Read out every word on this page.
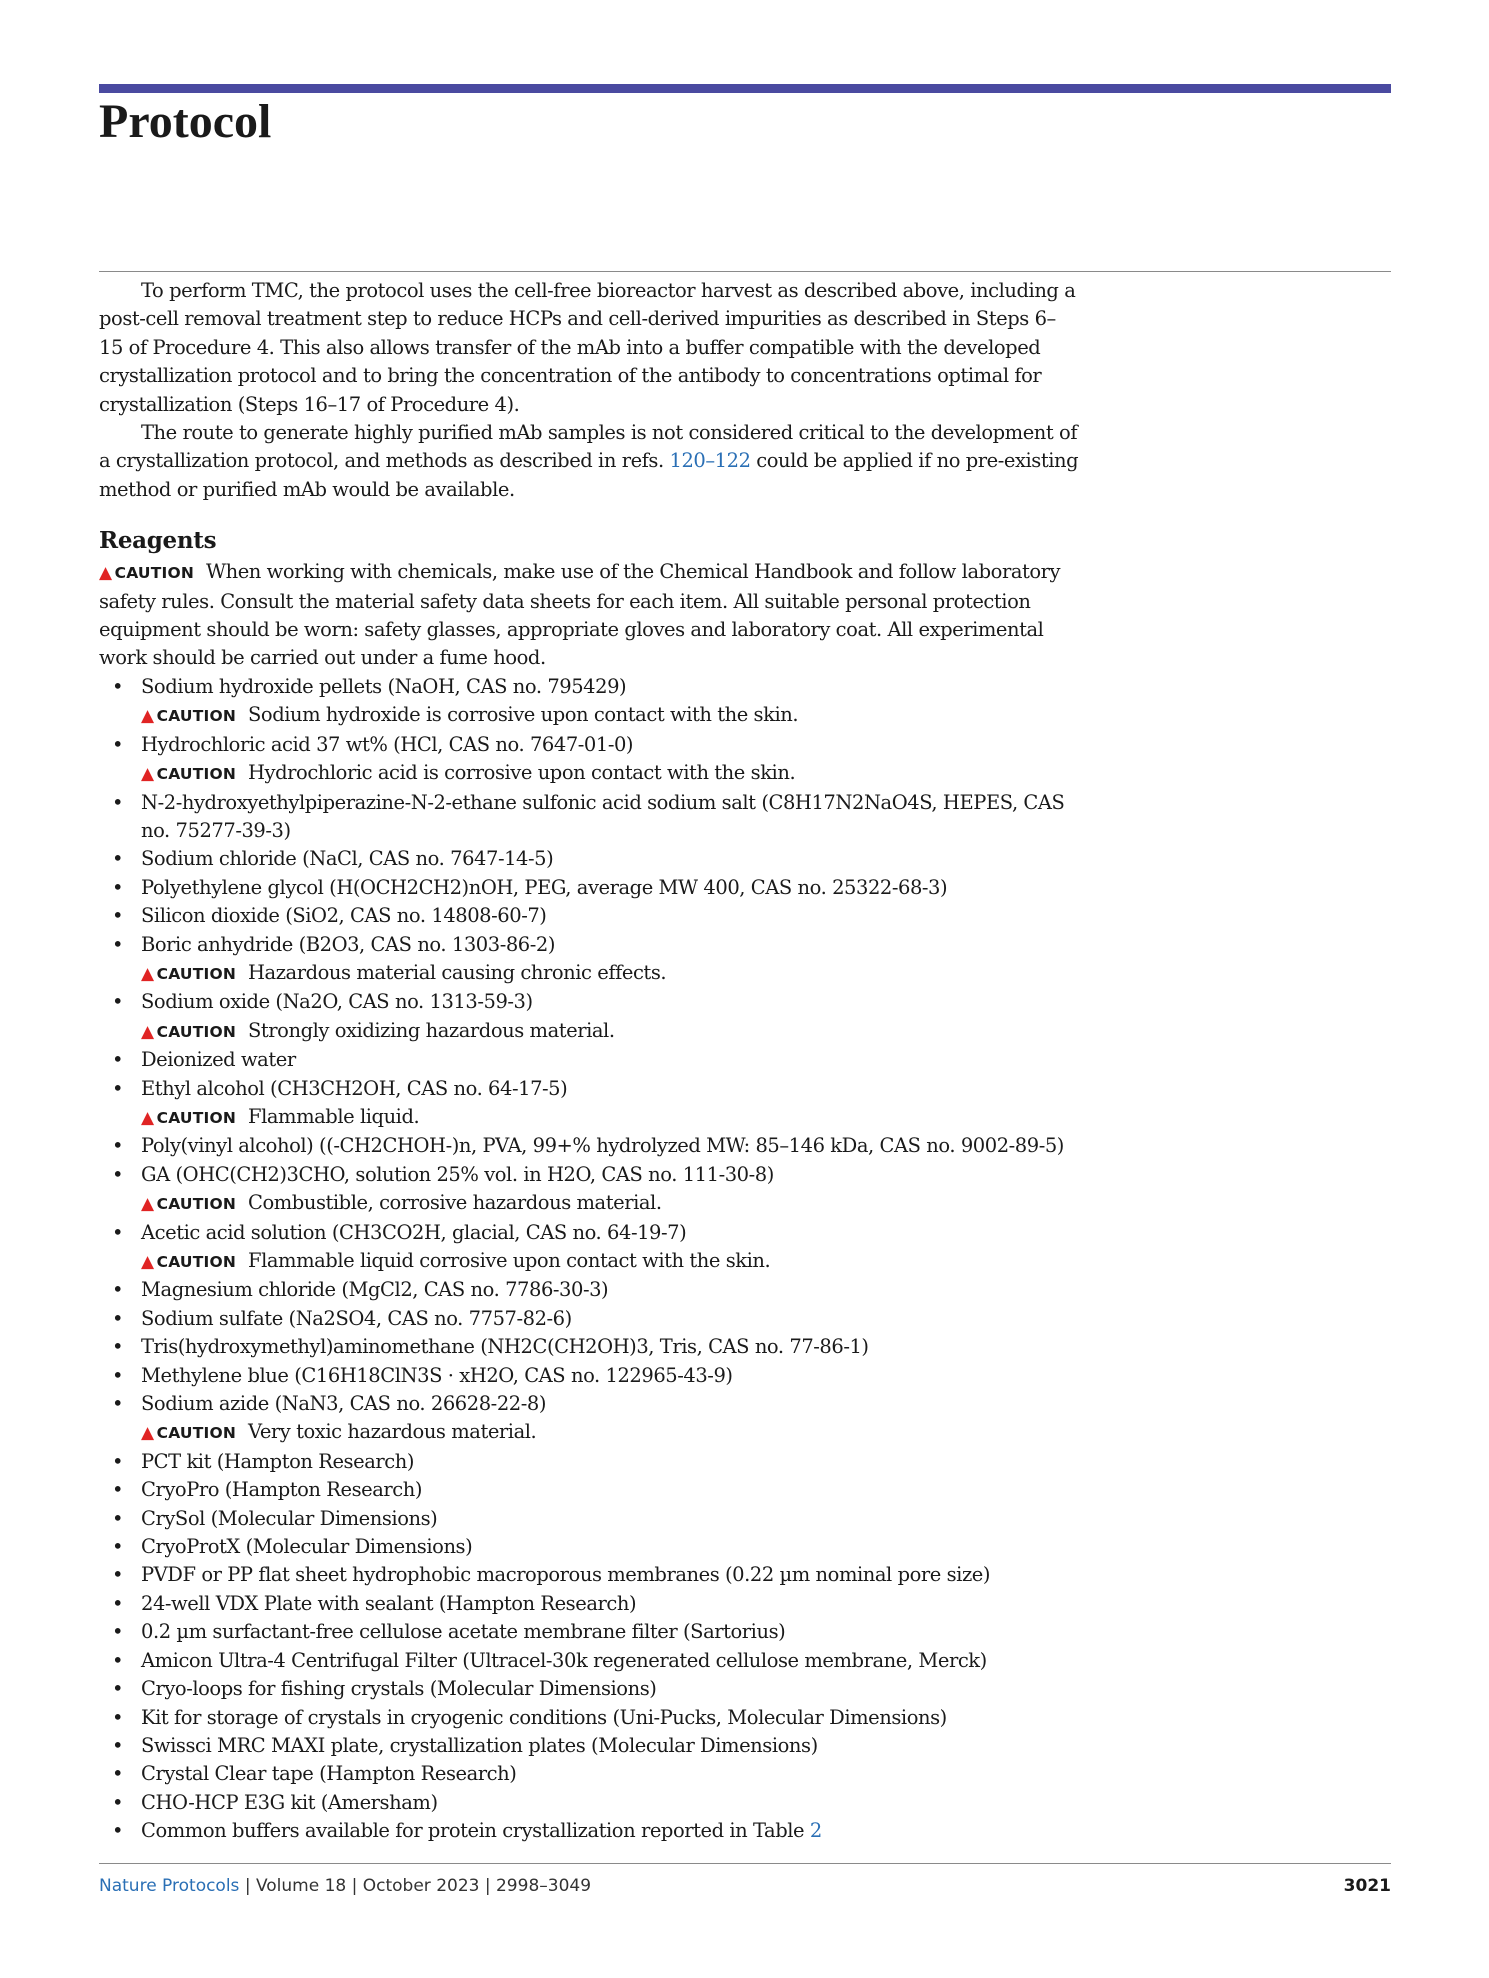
Protocol

To perform TMC, the protocol uses the cell-free bioreactor harvest as described above, including a post-cell removal treatment step to reduce HCPs and cell-derived impurities as described in Steps 6–15 of Procedure 4. This also allows transfer of the mAb into a buffer compatible with the developed crystallization protocol and to bring the concentration of the antibody to concentrations optimal for crystallization (Steps 16–17 of Procedure 4).

The route to generate highly purified mAb samples is not considered critical to the development of a crystallization protocol, and methods as described in refs. 120–122 could be applied if no pre-existing method or purified mAb would be available.

Reagents
▲ CAUTION When working with chemicals, make use of the Chemical Handbook and follow laboratory safety rules. Consult the material safety data sheets for each item. All suitable personal protection equipment should be worn: safety glasses, appropriate gloves and laboratory coat. All experimental work should be carried out under a fume hood.
• Sodium hydroxide pellets (NaOH, CAS no. 795429)
▲ CAUTION Sodium hydroxide is corrosive upon contact with the skin.
• Hydrochloric acid 37 wt% (HCl, CAS no. 7647-01-0)
▲ CAUTION Hydrochloric acid is corrosive upon contact with the skin.
• N-2-hydroxyethylpiperazine-N-2-ethane sulfonic acid sodium salt (C8H17N2NaO4S, HEPES, CAS no. 75277-39-3)
• Sodium chloride (NaCl, CAS no. 7647-14-5)
• Polyethylene glycol (H(OCH2CH2)nOH, PEG, average MW 400, CAS no. 25322-68-3)
• Silicon dioxide (SiO2, CAS no. 14808-60-7)
• Boric anhydride (B2O3, CAS no. 1303-86-2)
▲ CAUTION Hazardous material causing chronic effects.
• Sodium oxide (Na2O, CAS no. 1313-59-3)
▲ CAUTION Strongly oxidizing hazardous material.
• Deionized water
• Ethyl alcohol (CH3CH2OH, CAS no. 64-17-5)
▲ CAUTION Flammable liquid.
• Poly(vinyl alcohol) ((-CH2CHOH-)n, PVA, 99+% hydrolyzed MW: 85–146 kDa, CAS no. 9002-89-5)
• GA (OHC(CH2)3CHO, solution 25% vol. in H2O, CAS no. 111-30-8)
▲ CAUTION Combustible, corrosive hazardous material.
• Acetic acid solution (CH3CO2H, glacial, CAS no. 64-19-7)
▲ CAUTION Flammable liquid corrosive upon contact with the skin.
• Magnesium chloride (MgCl2, CAS no. 7786-30-3)
• Sodium sulfate (Na2SO4, CAS no. 7757-82-6)
• Tris(hydroxymethyl)aminomethane (NH2C(CH2OH)3, Tris, CAS no. 77-86-1)
• Methylene blue (C16H18ClN3S · xH2O, CAS no. 122965-43-9)
• Sodium azide (NaN3, CAS no. 26628-22-8)
▲ CAUTION Very toxic hazardous material.
• PCT kit (Hampton Research)
• CryoPro (Hampton Research)
• CrySol (Molecular Dimensions)
• CryoProtX (Molecular Dimensions)
• PVDF or PP flat sheet hydrophobic macroporous membranes (0.22 µm nominal pore size)
• 24-well VDX Plate with sealant (Hampton Research)
• 0.2 µm surfactant-free cellulose acetate membrane filter (Sartorius)
• Amicon Ultra-4 Centrifugal Filter (Ultracel-30k regenerated cellulose membrane, Merck)
• Cryo-loops for fishing crystals (Molecular Dimensions)
• Kit for storage of crystals in cryogenic conditions (Uni-Pucks, Molecular Dimensions)
• Swissci MRC MAXI plate, crystallization plates (Molecular Dimensions)
• Crystal Clear tape (Hampton Research)
• CHO-HCP E3G kit (Amersham)
• Common buffers available for protein crystallization reported in Table 2
Nature Protocols | Volume 18 | October 2023 | 2998–3049	3021
